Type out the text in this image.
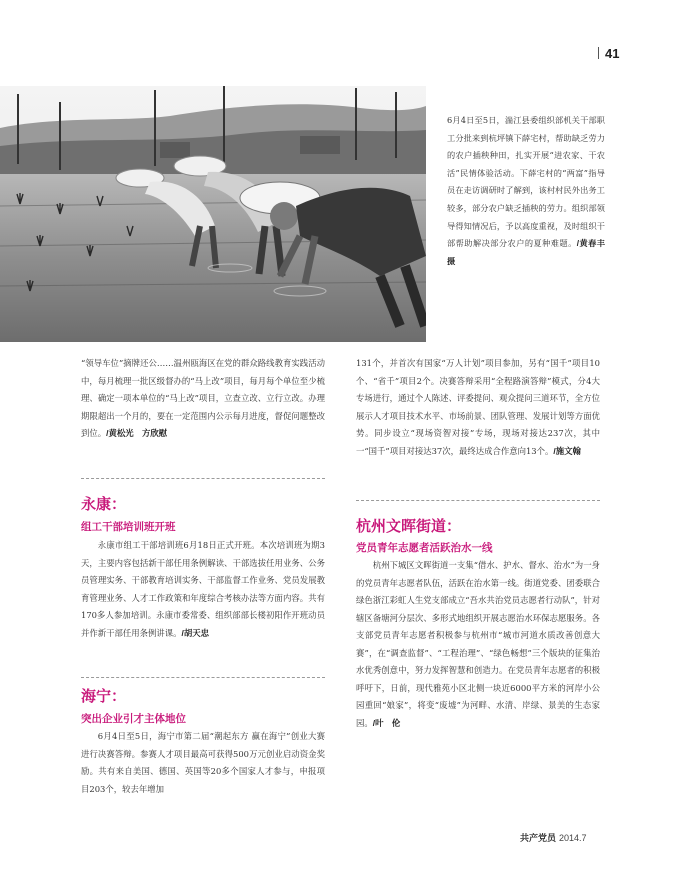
41
6月4日至5日，湍江县委组织部机关干部职工分批来到杭坪镇下薛宅村，帮助缺乏劳力的农户插秧种田，扎实开展“进农家、干农活”民情体验活动。下薛宅村的“两富”指导员在走访调研时了解到，该村村民外出务工较多，部分农户缺乏插秧的劳力。组织部领导得知情况后，予以高度重视，及时组织干部帮助解决部分农户的夏种难题。/黄春丰 摄

“领导车位”摘牌还公……温州瓯海区在党的群众路线教育实践活动中，每月梳理一批区级督办的“马上改”项目，每月每个单位至少梳理、确定一项本单位的“马上改”项目，立查立改、立行立改。办理期限超出一个月的，要在一定范围内公示每月进度，督促问题整改到位。/黄松光　方欣慰

永康：
组工干部培训班开班

永康市组工干部培训班6月18日正式开班。本次培训班为期3天，主要内容包括新干部任用条例解读、干部选拔任用业务、公务员管理实务、干部教育培训实务、干部监督工作业务、党员发展教育管理业务、人才工作政策和年度综合考核办法等方面内容。共有170多人参加培训。永康市委常委、组织部部长楼初阳作开班动员并作新干部任用条例讲课。/胡天忠

海宁：
突出企业引才主体地位

6月4日至5日，海宁市第二届“潮起东方 赢在海宁”创业大赛进行决赛答辩。参赛人才项目最高可获得500万元创业启动资金奖励。共有来自美国、德国、英国等20多个国家人才参与，申报项目203个，较去年增加

131个，并首次有国家“万人计划”项目参加，另有“国千”项目10个、“省千”项目2个。决赛答辩采用“全程路演答辩”模式，分4大专场进行，通过个人陈述、评委提问、观众提问三道环节，全方位展示人才项目技术水平、市场前景、团队管理、发展计划等方面优势。同步设立“现场资智对接”专场，现场对接达237次，其中一“国千”项目对接达37次，最终达成合作意向13个。/施文翰

杭州文晖街道：
党员青年志愿者活跃治水一线

杭州下城区文晖街道一支集“借水、护水、督水、治水”为一身的党员青年志愿者队伍，活跃在治水第一线。街道党委、团委联合绿色浙江彩虹人生党支部成立“吾水共治党员志愿者行动队”，针对辖区备塘河分层次、多形式地组织开展志愿治水环保志愿服务。各支部党员青年志愿者积极参与杭州市“城市河道水质改善创意大赛”，在“调查监督”、“工程治理”、“绿色畅想”三个版块的征集治水优秀创意中，努力发挥智慧和创造力。在党员青年志愿者的积极呼吁下，日前，现代雅苑小区北侧一块近6000平方米的河岸小公园重回“娘家”，将变“废墟”为河畔、水清、岸绿、景美的生态家园。/叶　伦

共产党员 2014.7
